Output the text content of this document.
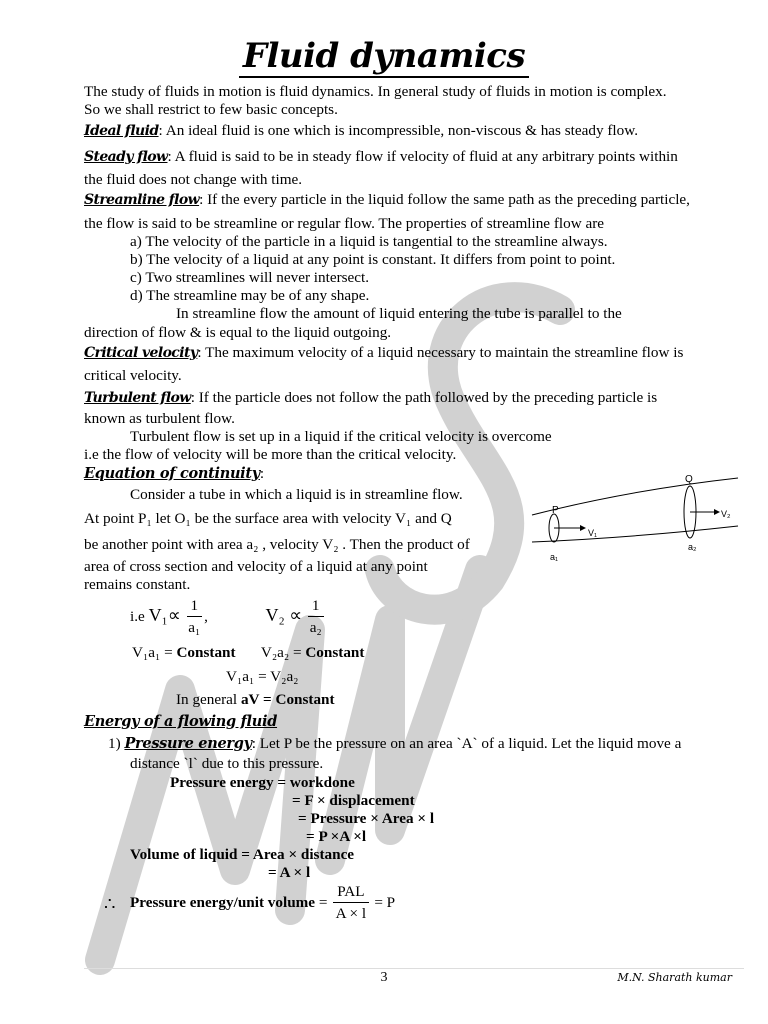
Fluid dynamics
The study of fluids in motion is fluid dynamics. In general study of fluids in motion is complex.
So we shall restrict to few basic concepts.
Ideal fluid: An ideal fluid is one which is incompressible, non-viscous & has steady flow.
Steady flow: A fluid is said to be in steady flow if velocity of fluid at any arbitrary points within
the fluid does not change with time.
Streamline flow: If the every particle in the liquid follow the same path as the preceding particle,
the flow is said to be streamline or regular flow. The properties of streamline flow are
a) The velocity of the particle in a liquid is tangential to the streamline always.
b) The velocity of a liquid at any point is constant. It differs from point to point.
c) Two streamlines will never intersect.
d) The streamline may be of any shape.
In streamline flow the amount of liquid entering the tube is parallel to the
direction of flow & is equal to the liquid outgoing.
Critical velocity: The maximum velocity of a liquid necessary to maintain the streamline flow is
critical velocity.
Turbulent flow: If the particle does not follow the path followed by the preceding particle is
known as turbulent flow.
Turbulent flow is set up in a liquid if the critical velocity is overcome
i.e the flow of velocity will be more than the critical velocity.
Equation of continuity:
Consider a tube in which a liquid is in streamline flow.
At point P₁ let O₁ be the surface area with velocity V₁ and Q
be another point with area a₂ , velocity V₂ . Then the product of
area of cross section and velocity of a liquid at any point
remains constant.
i.e $V_1\propto \frac{1}{\text{a₁}}$ ,	$V_2 \propto \frac{1}{\text{a₂}}$
V₁a₁ = Constant V₂a₂ = Constant
V₁a₁ = V₂a₂
In general aV = Constant
P
Q
V₁
V₂
a₁
a₂
Energy of a flowing fluid
1) Pressure energy: Let P be the pressure on an area `A` of a liquid. Let the liquid move a
distance `l` due to this pressure.
Pressure energy = workdone
= F × displacement
= Pressure × Area × l
= P ×A ×l
Volume of liquid = Area × distance
= A × l
∴ Pressure energy/unit volume = $\frac{\text{PAL}}{A \times l} = P$
3	M.N. Sharath kumar
